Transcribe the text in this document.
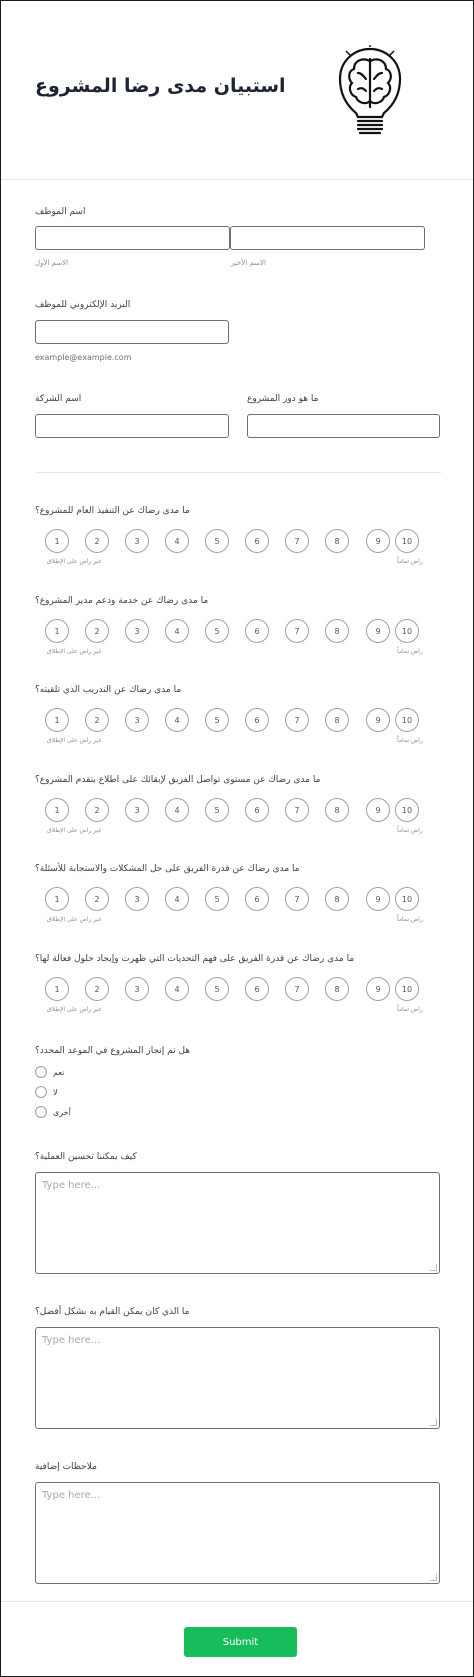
استبيان مدى رضا المشروع
اسم الموظف
الاسم الأول	الاسم الأخير
البريد الإلكتروني للموظف
example@example.com
اسم الشركة	ما هو دور المشروع
ما مدى رضاك عن التنفيذ العام للمشروع؟
1	2	3	4	5	6	7	8	9	10
غير راض على الإطلاق	راض تماماً
ما مدى رضاك عن خدمة ودعم مدير المشروع؟
1	2	3	4	5	6	7	8	9	10
غير راض على الإطلاق	راض تماماً
ما مدى رضاك عن التدريب الذي تلقيته؟
1	2	3	4	5	6	7	8	9	10
غير راض على الإطلاق	راض تماماً
ما مدى رضاك عن مستوى تواصل الفريق لإبقائك على اطلاع بتقدم المشروع؟
1	2	3	4	5	6	7	8	9	10
غير راض على الإطلاق	راض تماماً
ما مدى رضاك عن قدرة الفريق على حل المشكلات والاستجابة للأسئلة؟
1	2	3	4	5	6	7	8	9	10
غير راض على الإطلاق	راض تماماً
ما مدى رضاك عن قدرة الفريق على فهم التحديات التي ظهرت وإيجاد حلول فعالة لها؟
1	2	3	4	5	6	7	8	9	10
غير راض على الإطلاق	راض تماماً
هل تم إنجاز المشروع في الموعد المحدد؟
نعم
لا
أخرى
كيف يمكننا تحسين العملية؟
Type here...
ما الذي كان يمكن القيام به بشكل أفضل؟
Type here...
ملاحظات إضافية
Type here...
Submit
